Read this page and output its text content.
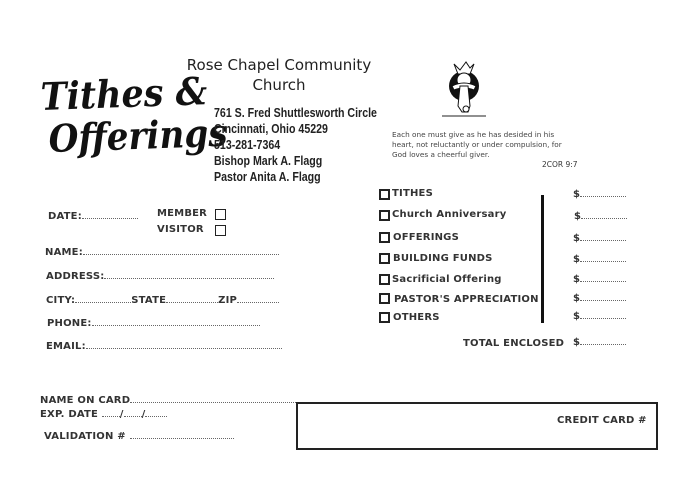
Tithes &
Offerings
Rose Chapel Community
Church
761 S. Fred Shuttlesworth Circle
Cincinnati, Ohio 45229
513-281-7364
Bishop Mark A. Flagg
Pastor Anita A. Flagg
Each one must give as he has desided in his heart, not reluctantly or under compulsion, for God loves a cheerful giver.
2COR 9:7
DATE:	MEMBER
VISITOR
NAME:
ADDRESS:
CITY:	STATE	ZIP
PHONE:
EMAIL:
TITHES	$
Church Anniversary	$
OFFERINGS	$
BUILDING FUNDS	$
Sacrificial Offering	$
PASTOR'S APPRECIATION	$
OTHERS	$
TOTAL ENCLOSED $
NAME ON CARD
EXP. DATE / /
VALIDATION #
CREDIT CARD #
